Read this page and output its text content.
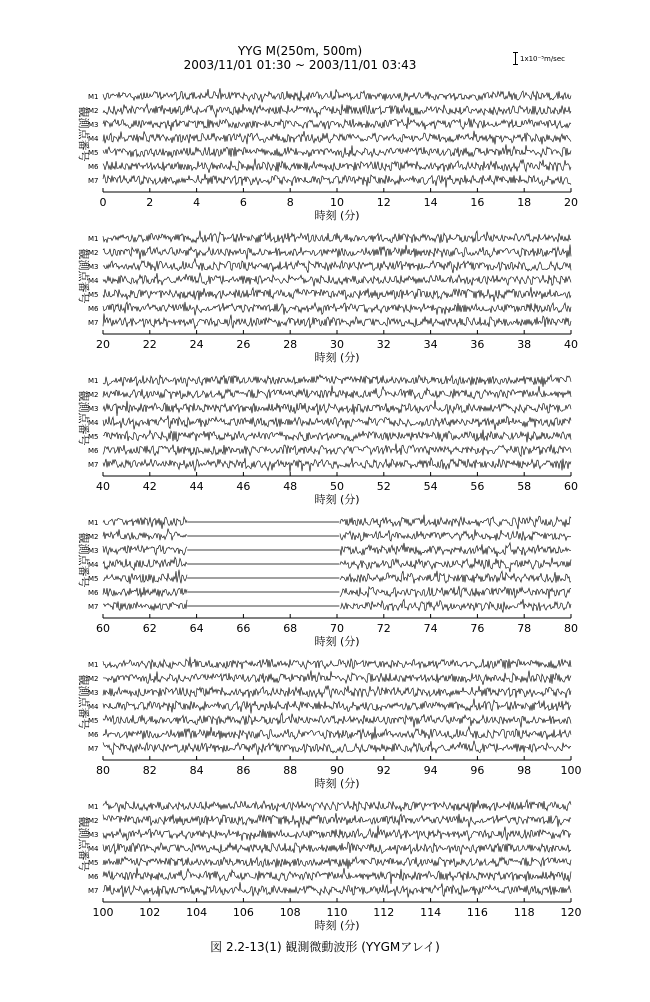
YYG M(250m, 500m)
2003/11/01 01:30 ~ 2003/11/01 03:43	1x10⁻⁵m/sec
観測点番号
M1
M2
M3
M4
M5
M6
M7
0	2	4	6	8	10	12	14	16	18	20
時刻 (分)
観測点番号
M1
M2
M3
M4
M5
M6
M7
20	22	24	26	28	30	32	34	36	38	40
時刻 (分)
観測点番号
M1
M2
M3
M4
M5
M6
M7
40	42	44	46	48	50	52	54	56	58	60
時刻 (分)
観測点番号
M1
M2
M3
M4
M5
M6
M7
60	62	64	66	68	70	72	74	76	78	80
時刻 (分)
観測点番号
M1
M2
M3
M4
M5
M6
M7
80	82	84	86	88	90	92	94	96	98	100
時刻 (分)
観測点番号
M1
M2
M3
M4
M5
M6
M7
100 102 104 106 108 110 112 114 116 118 120
時刻 (分)
図 2.2-13(1) 観測微動波形 (YYGMアレイ)
